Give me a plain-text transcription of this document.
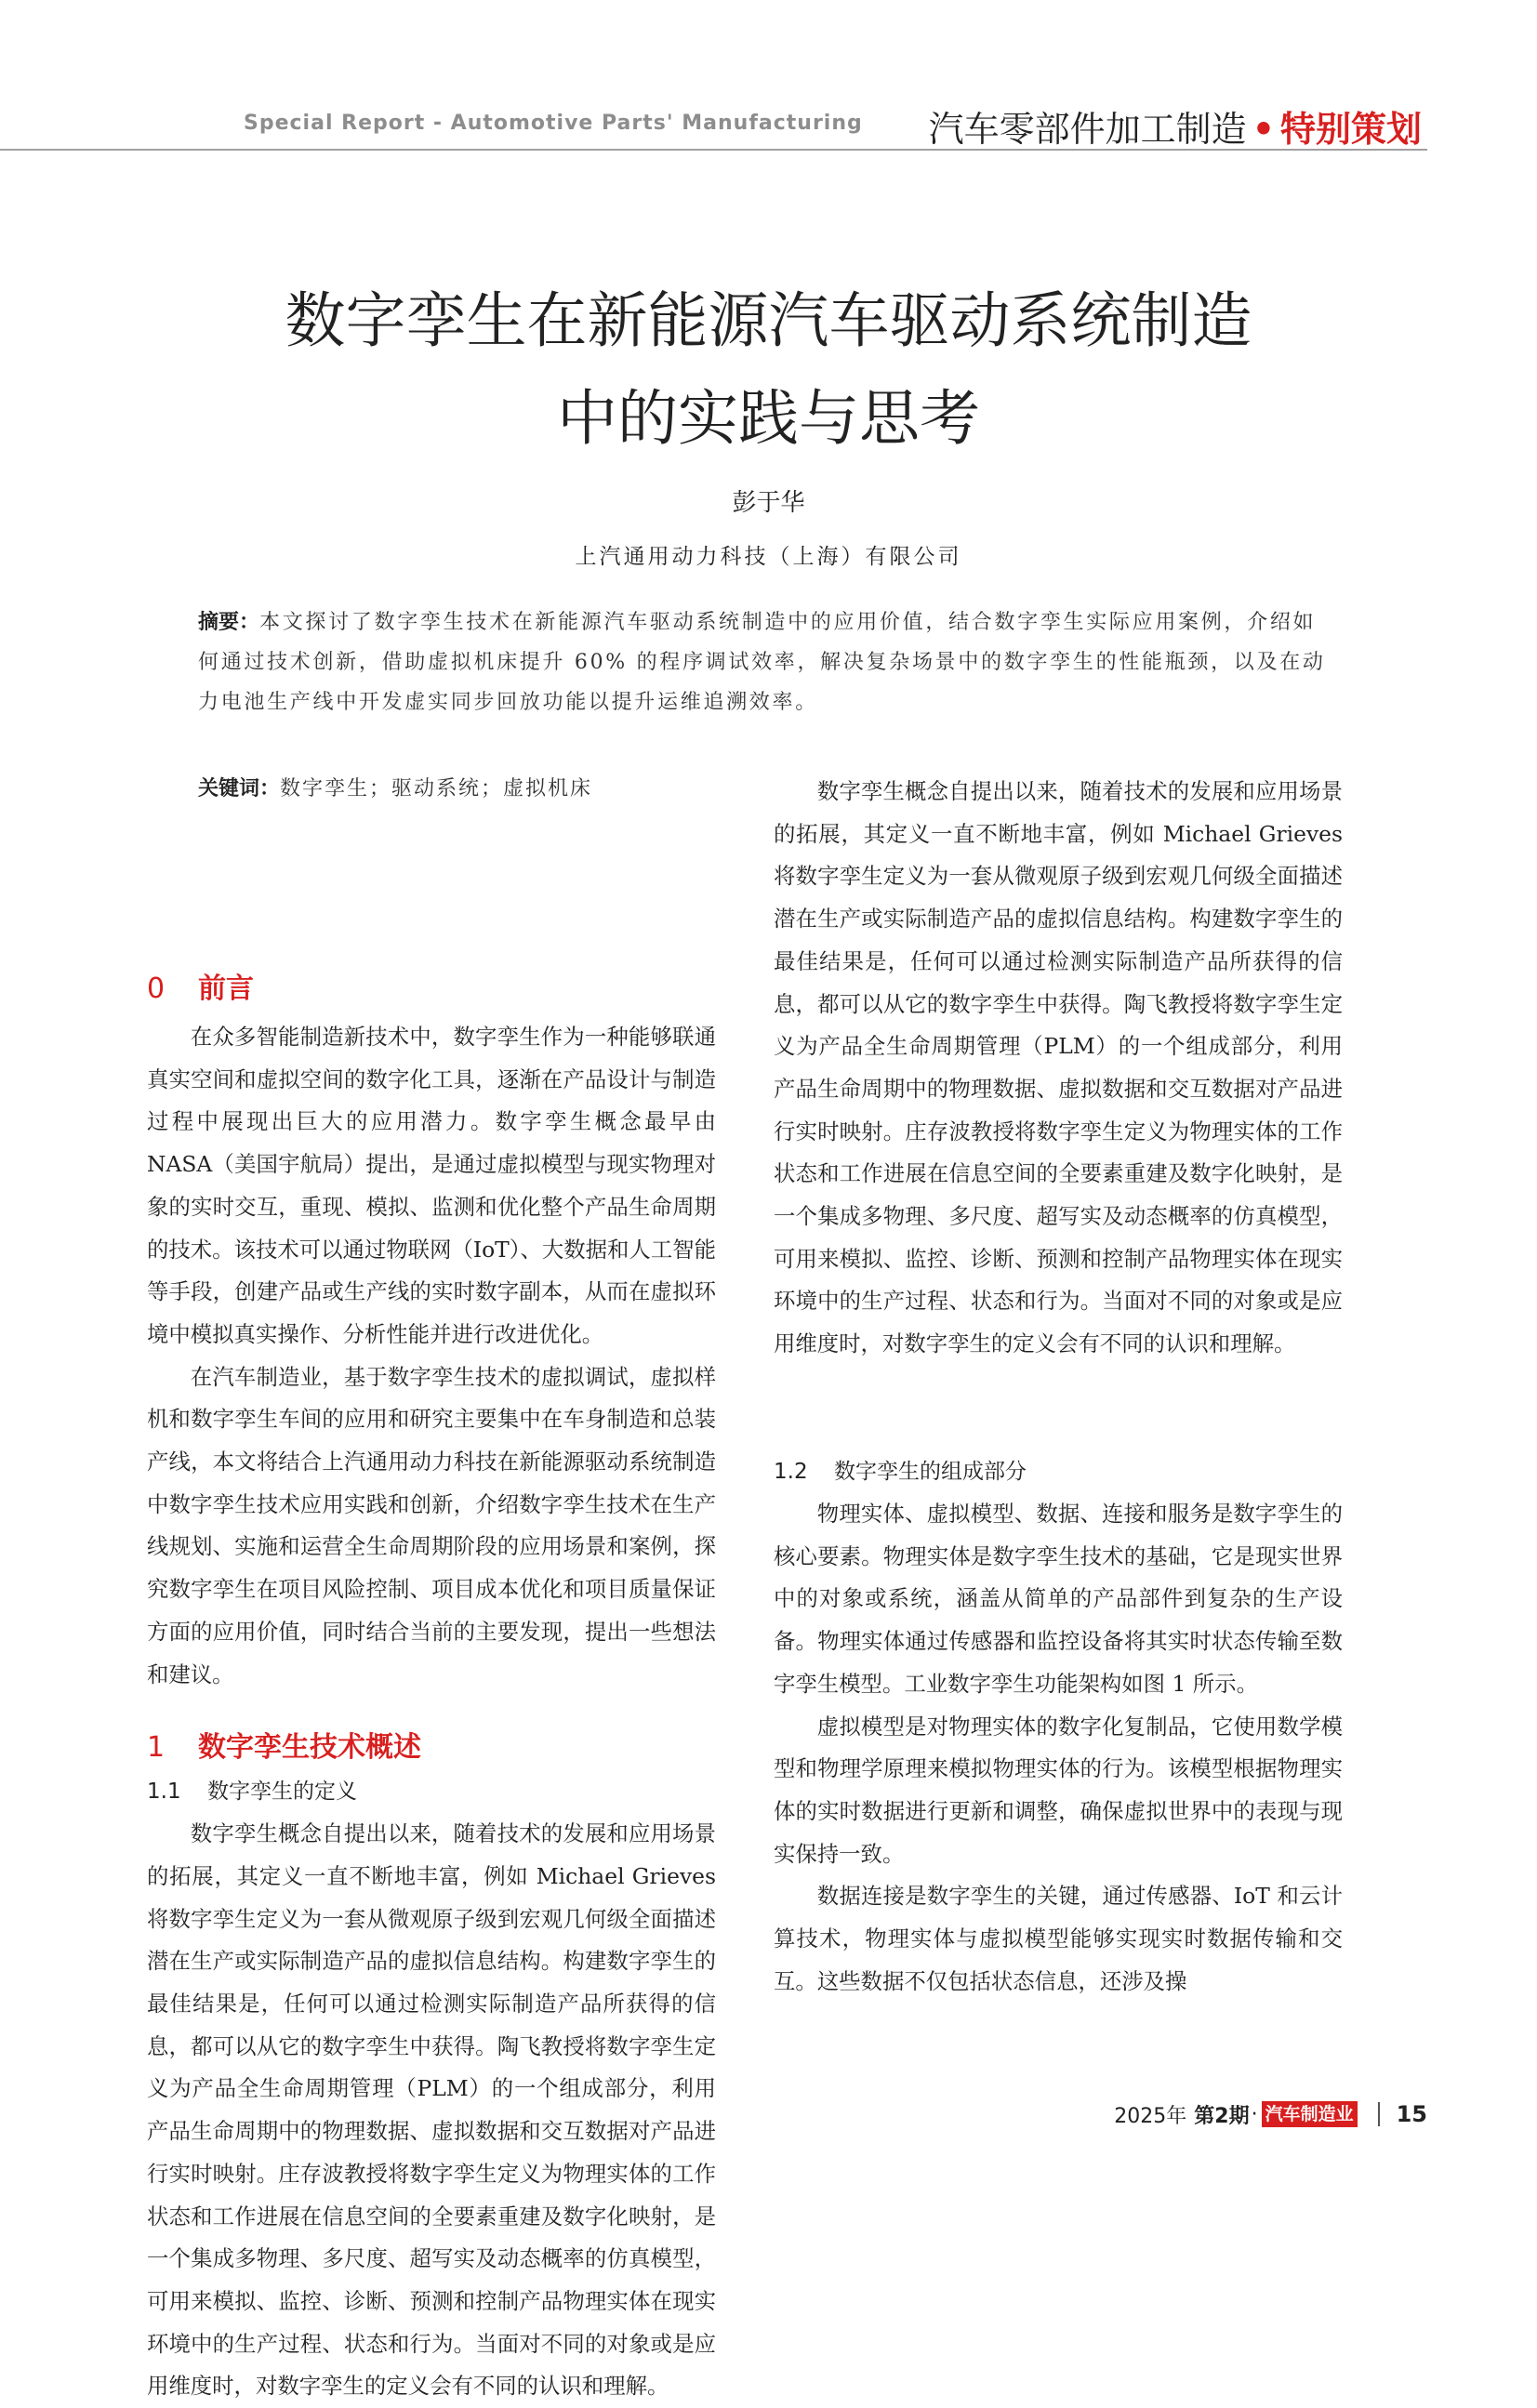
Special Report - Automotive Parts' Manufacturing	汽车零部件加工制造 • 特别策划
数字孪生在新能源汽车驱动系统制造
中的实践与思考
彭于华
上汽通用动力科技（上海）有限公司
摘要：本文探讨了数字孪生技术在新能源汽车驱动系统制造中的应用价值，结合数字孪生实际应用案例，介绍如何通过技术创新，借助虚拟机床提升 60% 的程序调试效率，解决复杂场景中的数字孪生的性能瓶颈，以及在动力电池生产线中开发虚实同步回放功能以提升运维追溯效率。
关键词：数字孪生；驱动系统；虚拟机床
0 前言

在众多智能制造新技术中，数字孪生作为一种能够联通真实空间和虚拟空间的数字化工具，逐渐在产品设计与制造过程中展现出巨大的应用潜力。数字孪生概念最早由 NASA（美国宇航局）提出，是通过虚拟模型与现实物理对象的实时交互，重现、模拟、监测和优化整个产品生命周期的技术。该技术可以通过物联网（IoT）、大数据和人工智能等手段，创建产品或生产线的实时数字副本，从而在虚拟环境中模拟真实操作、分析性能并进行改进优化。

在汽车制造业，基于数字孪生技术的虚拟调试，虚拟样机和数字孪生车间的应用和研究主要集中在车身制造和总装产线，本文将结合上汽通用动力科技在新能源驱动系统制造中数字孪生技术应用实践和创新，介绍数字孪生技术在生产线规划、实施和运营全生命周期阶段的应用场景和案例，探究数字孪生在项目风险控制、项目成本优化和项目质量保证方面的应用价值，同时结合当前的主要发现，提出一些想法和建议。

1 数字孪生技术概述
1.1 数字孪生的定义

数字孪生概念自提出以来，随着技术的发展和应用场景的拓展，其定义一直不断地丰富，例如 Michael Grieves 将数字孪生定义为一套从微观原子级到宏观几何级全面描述潜在生产或实际制造产品的虚拟信息结构。构建数字孪生的最佳结果是，任何可以通过检测实际制造产品所获得的信息，都可以从它的数字孪生中获得。陶飞教授将数字孪生定义为产品全生命周期管理（PLM）的一个组成部分，利用产品生命周期中的物理数据、虚拟数据和交互数据对产品进行实时映射。庄存波教授将数字孪生定义为物理实体的工作状态和工作进展在信息空间的全要素重建及数字化映射，是一个集成多物理、多尺度、超写实及动态概率的仿真模型，可用来模拟、监控、诊断、预测和控制产品物理实体在现实环境中的生产过程、状态和行为。当面对不同的对象或是应用维度时，对数字孪生的定义会有不同的认识和理解。

数字孪生概念自提出以来，随着技术的发展和应用场景的拓展，其定义一直不断地丰富，例如 Michael Grieves 将数字孪生定义为一套从微观原子级到宏观几何级全面描述潜在生产或实际制造产品的虚拟信息结构。构建数字孪生的最佳结果是，任何可以通过检测实际制造产品所获得的信息，都可以从它的数字孪生中获得。陶飞教授将数字孪生定义为产品全生命周期管理（PLM）的一个组成部分，利用产品生命周期中的物理数据、虚拟数据和交互数据对产品进行实时映射。庄存波教授将数字孪生定义为物理实体的工作状态和工作进展在信息空间的全要素重建及数字化映射，是一个集成多物理、多尺度、超写实及动态概率的仿真模型，可用来模拟、监控、诊断、预测和控制产品物理实体在现实环境中的生产过程、状态和行为。当面对不同的对象或是应用维度时，对数字孪生的定义会有不同的认识和理解。

1.2 数字孪生的组成部分

物理实体、虚拟模型、数据、连接和服务是数字孪生的核心要素。物理实体是数字孪生技术的基础，它是现实世界中的对象或系统，涵盖从简单的产品部件到复杂的生产设备。物理实体通过传感器和监控设备将其实时状态传输至数字孪生模型。工业数字孪生功能架构如图 1 所示。

虚拟模型是对物理实体的数字化复制品，它使用数学模型和物理学原理来模拟物理实体的行为。该模型根据物理实体的实时数据进行更新和调整，确保虚拟世界中的表现与现实保持一致。

数据连接是数字孪生的关键，通过传感器、IoT 和云计算技术，物理实体与虚拟模型能够实现实时数据传输和交互。这些数据不仅包括状态信息，还涉及操

2025年 第2期 · 汽车制造业 15
